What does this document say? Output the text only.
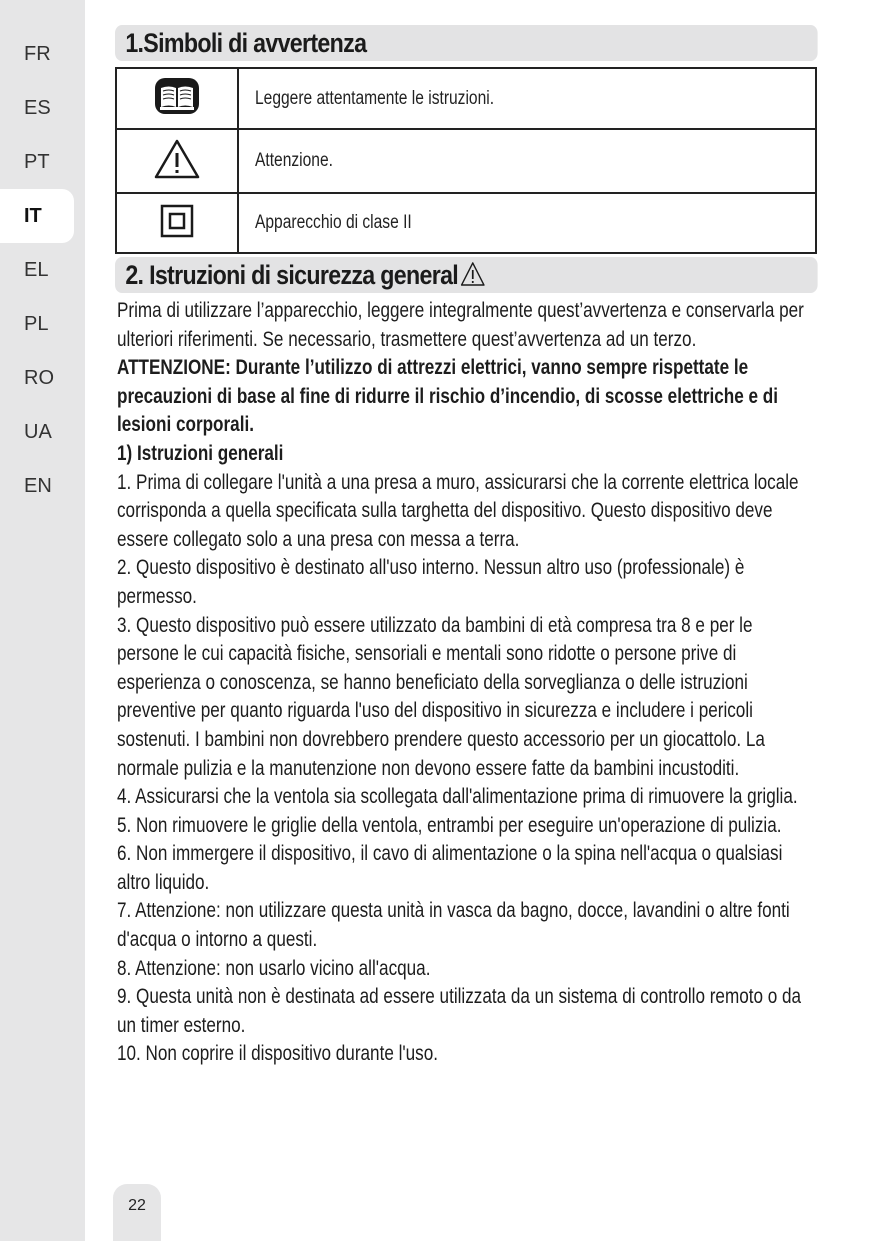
FR
ES
PT
IT
EL
PL
RO
UA
EN
22
1.Simboli di avvertenza
	Leggere attentamente le istruzioni.
	Attenzione.
	Apparecchio di clase II
2. Istruzioni di sicurezza general

Prima di utilizzare l’apparecchio, leggere integralmente quest’avvertenza e conservarla per ulteriori riferimenti. Se necessario, trasmettere quest’avvertenza ad un terzo.

ATTENZIONE: Durante l’utilizzo di attrezzi elettrici, vanno sempre rispettate le precauzioni di base al fine di ridurre il rischio d’incendio, di scosse elettriche e di lesioni corporali.

1) Istruzioni generali

1. Prima di collegare l'unità a una presa a muro, assicurarsi che la corrente elettrica locale corrisponda a quella specificata sulla targhetta del dispositivo. Questo dispositivo deve essere collegato solo a una presa con messa a terra.

2. Questo dispositivo è destinato all'uso interno. Nessun altro uso (professionale) è permesso.

3. Questo dispositivo può essere utilizzato da bambini di età compresa tra 8 e per le persone le cui capacità fisiche, sensoriali e mentali sono ridotte o persone prive di esperienza o conoscenza, se hanno beneficiato della sorveglianza o delle istruzioni preventive per quanto riguarda l'uso del dispositivo in sicurezza e includere i pericoli sostenuti. I bambini non dovrebbero prendere questo accessorio per un giocattolo. La normale pulizia e la manutenzione non devono essere fatte da bambini incustoditi.

4. Assicurarsi che la ventola sia scollegata dall'alimentazione prima di rimuovere la griglia.

5. Non rimuovere le griglie della ventola, entrambi per eseguire un'operazione di pulizia.

6. Non immergere il dispositivo, il cavo di alimentazione o la spina nell'acqua o qualsiasi altro liquido.

7. Attenzione: non utilizzare questa unità in vasca da bagno, docce, lavandini o altre fonti d'acqua o intorno a questi.

8. Attenzione: non usarlo vicino all'acqua.

9. Questa unità non è destinata ad essere utilizzata da un sistema di controllo remoto o da un timer esterno.

10. Non coprire il dispositivo durante l'uso.
